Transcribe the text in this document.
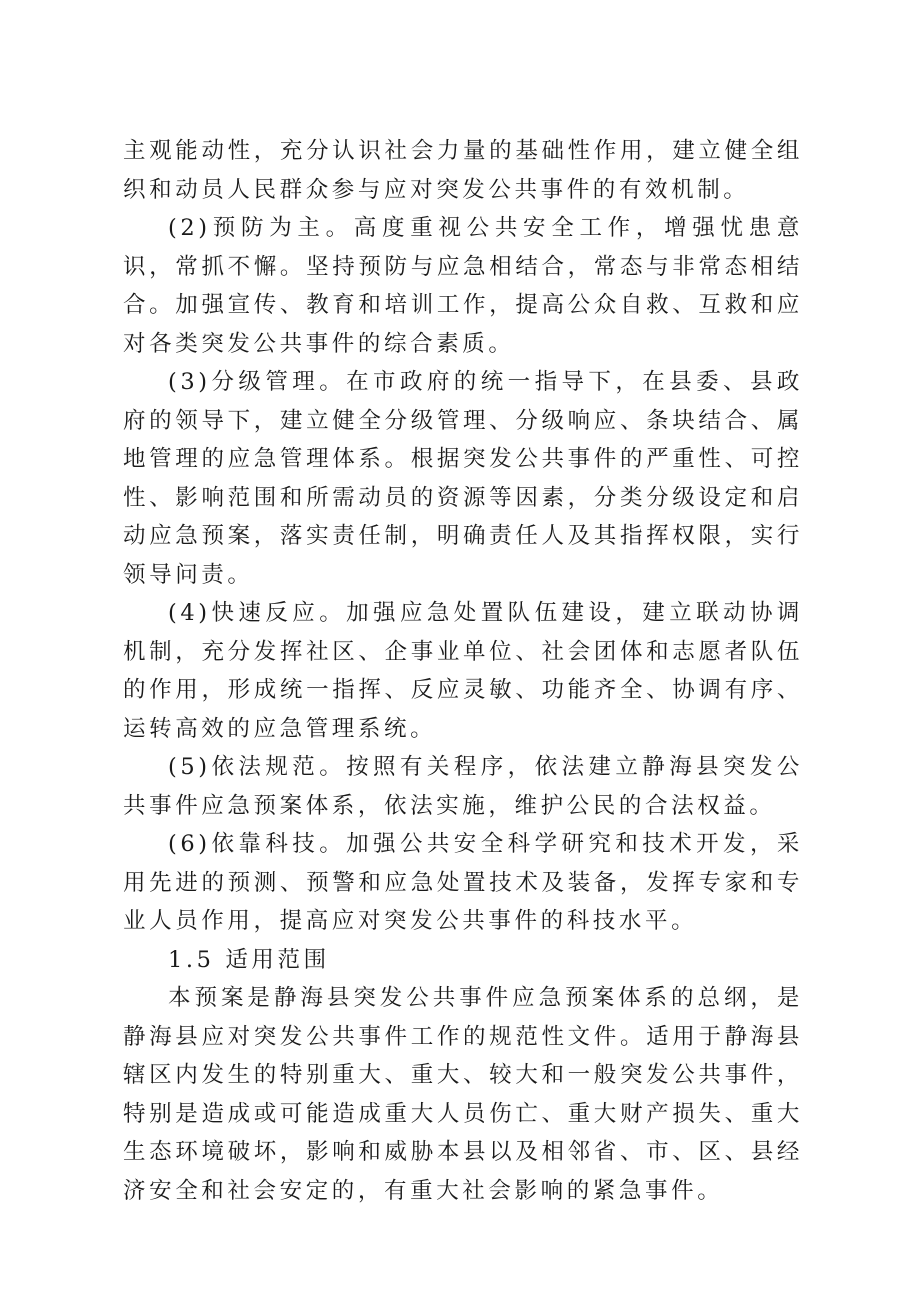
主观能动性，充分认识社会力量的基础性作用，建立健全组织和动员人民群众参与应对突发公共事件的有效机制。

(2)预防为主。高度重视公共安全工作，增强忧患意识，常抓不懈。坚持预防与应急相结合，常态与非常态相结合。加强宣传、教育和培训工作，提高公众自救、互救和应对各类突发公共事件的综合素质。

(3)分级管理。在市政府的统一指导下，在县委、县政府的领导下，建立健全分级管理、分级响应、条块结合、属地管理的应急管理体系。根据突发公共事件的严重性、可控性、影响范围和所需动员的资源等因素，分类分级设定和启动应急预案，落实责任制，明确责任人及其指挥权限，实行领导问责。

(4)快速反应。加强应急处置队伍建设，建立联动协调机制，充分发挥社区、企事业单位、社会团体和志愿者队伍的作用，形成统一指挥、反应灵敏、功能齐全、协调有序、运转高效的应急管理系统。

(5)依法规范。按照有关程序，依法建立静海县突发公共事件应急预案体系，依法实施，维护公民的合法权益。

(6)依靠科技。加强公共安全科学研究和技术开发，采用先进的预测、预警和应急处置技术及装备，发挥专家和专业人员作用，提高应对突发公共事件的科技水平。

1.5 适用范围

本预案是静海县突发公共事件应急预案体系的总纲，是静海县应对突发公共事件工作的规范性文件。适用于静海县辖区内发生的特别重大、重大、较大和一般突发公共事件，特别是造成或可能造成重大人员伤亡、重大财产损失、重大生态环境破坏，影响和威胁本县以及相邻省、市、区、县经济安全和社会安定的，有重大社会影响的紧急事件。
